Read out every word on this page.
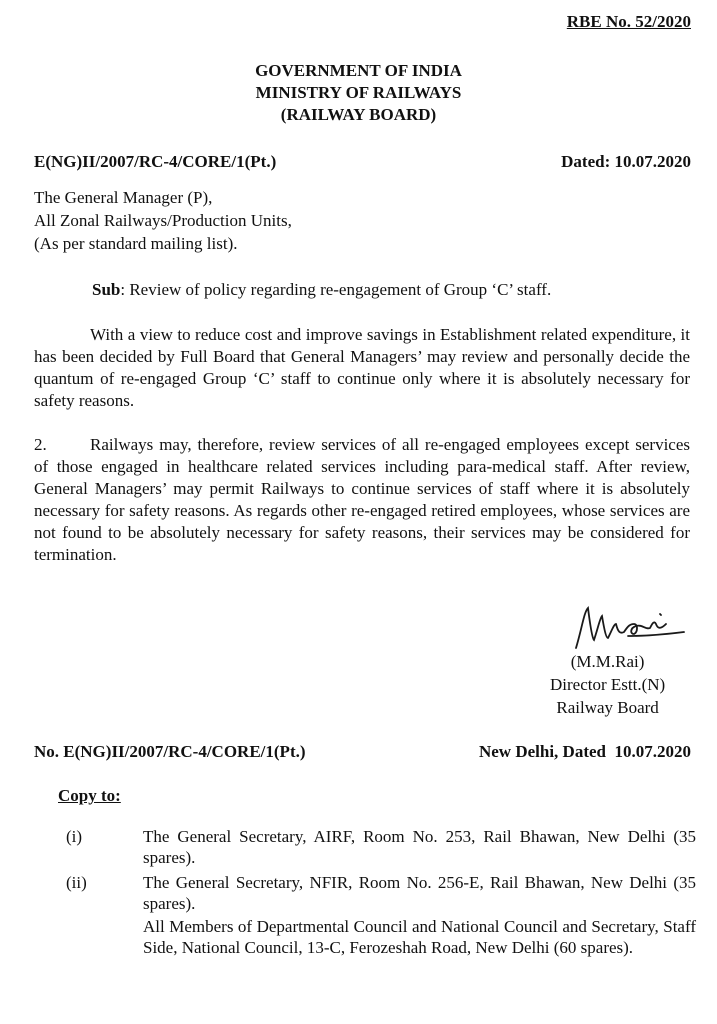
RBE No. 52/2020
GOVERNMENT OF INDIA
MINISTRY OF RAILWAYS
(RAILWAY BOARD)
E(NG)II/2007/RC-4/CORE/1(Pt.)	Dated: 10.07.2020
The General Manager (P),
All Zonal Railways/Production Units,
(As per standard mailing list).
Sub: Review of policy regarding re-engagement of Group ‘C’ staff.
With a view to reduce cost and improve savings in Establishment related expenditure, it has been decided by Full Board that General Managers’ may review and personally decide the quantum of re-engaged Group ‘C’ staff to continue only where it is absolutely necessary for safety reasons.
2.	Railways may, therefore, review services of all re-engaged employees except services of those engaged in healthcare related services including para-medical staff. After review, General Managers’ may permit Railways to continue services of staff where it is absolutely necessary for safety reasons. As regards other re-engaged retired employees, whose services are not found to be absolutely necessary for safety reasons, their services may be considered for termination.
(M.M.Rai)
Director Estt.(N)
Railway Board
No. E(NG)II/2007/RC-4/CORE/1(Pt.)	New Delhi, Dated  10.07.2020
Copy to:
(i)	The General Secretary, AIRF, Room No. 253, Rail Bhawan, New Delhi (35 spares).
(ii)	The General Secretary, NFIR, Room No. 256-E, Rail Bhawan, New Delhi (35  spares).
All Members of Departmental Council and National Council and Secretary, Staff Side, National Council, 13-C, Ferozeshah Road, New Delhi (60 spares).
